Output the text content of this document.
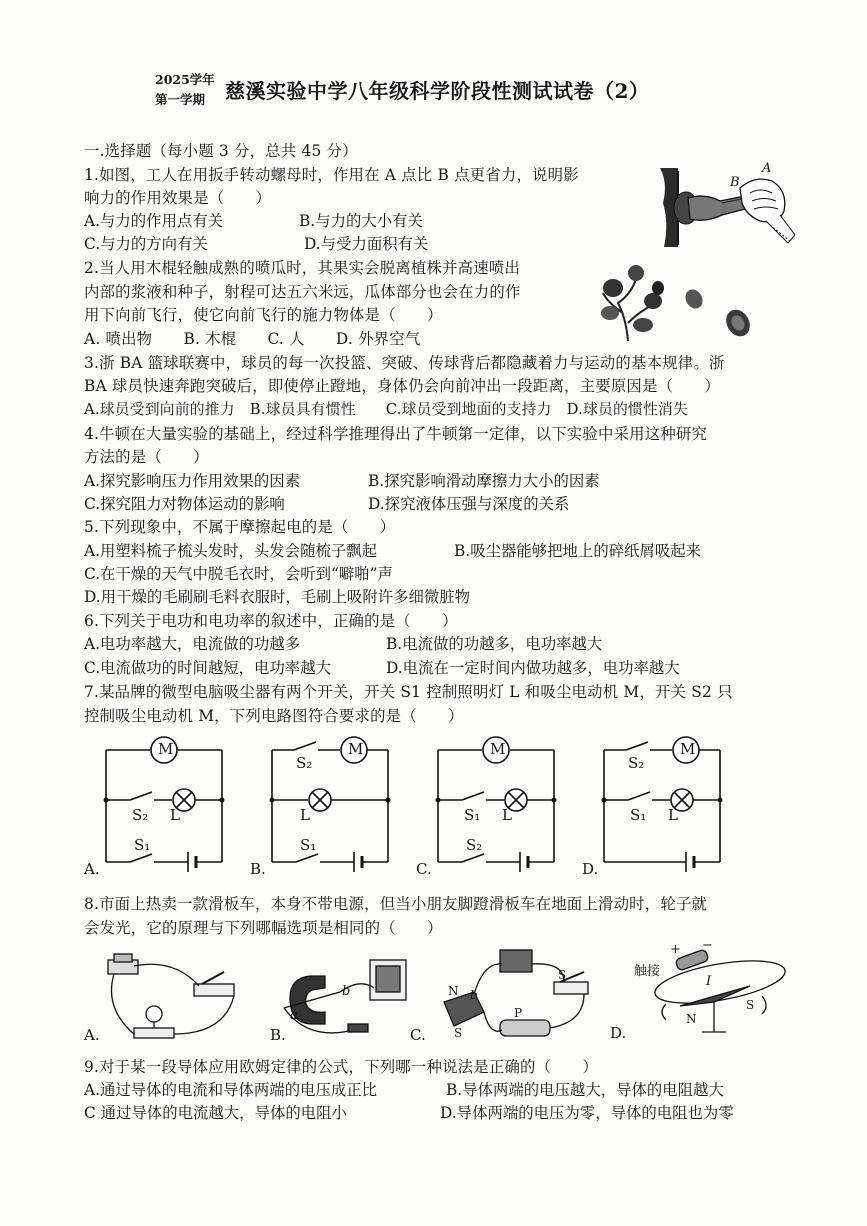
2025学年
第一学期 慈溪实验中学八年级科学阶段性测试试卷（2）
一.选择题（每小题 3 分，总共 45 分）
1.如图，工人在用扳手转动螺母时，作用在 A 点比 B 点更省力，说明影
响力的作用效果是（　　）
A.与力的作用点有关	B.与力的大小有关
C.与力的方向有关	D.与受力面积有关
B
A
2.当人用木棍轻触成熟的喷瓜时，其果实会脱离植株并高速喷出
内部的浆液和种子，射程可达五六米远，瓜体部分也会在力的作
用下向前飞行，使它向前飞行的施力物体是（　　）
A. 喷出物　　B. 木棍　　C. 人　　D. 外界空气
3.浙 BA 篮球联赛中，球员的每一次投篮、突破、传球背后都隐藏着力与运动的基本规律。浙
BA 球员快速奔跑突破后，即使停止蹬地，身体仍会向前冲出一段距离，主要原因是（　　）
A.球员受到向前的推力　B.球员具有惯性　　C.球员受到地面的支持力　D.球员的惯性消失
4.牛顿在大量实验的基础上，经过科学推理得出了牛顿第一定律，以下实验中采用这种研究
方法的是（　　）
A.探究影响压力作用效果的因素	B.探究影响滑动摩擦力大小的因素
C.探究阻力对物体运动的影响	D.探究液体压强与深度的关系
5.下列现象中，不属于摩擦起电的是（　　）
A.用塑料梳子梳头发时，头发会随梳子飘起	B.吸尘器能够把地上的碎纸屑吸起来
C.在干燥的天气中脱毛衣时，会听到“噼啪”声
D.用干燥的毛刷刷毛料衣服时，毛刷上吸附许多细微脏物
6.下列关于电功和电功率的叙述中，正确的是（　　）
A.电功率越大，电流做的功越多	B.电流做的功越多，电功率越大
C.电流做功的时间越短，电功率越大	D.电流在一定时间内做功越多，电功率越大
7.某品牌的微型电脑吸尘器有两个开关，开关 S1 控制照明灯 L 和吸尘电动机 M，开关 S2 只
控制吸尘电动机 M，下列电路图符合要求的是（　　）
M
S₂ L
S₁
A.
M
S₂
L
S₁
B.
M
S₁ L
S₂
C.
M
S₂
S₁ L
D.
8.市面上热卖一款滑板车，本身不带电源，但当小朋友脚蹬滑板车在地面上滑动时，轮子就
会发光，它的原理与下列哪幅选项是相同的（　　）
A.
a
b
B.
N b
S
S
P
C.
触接
+ −
I
N
S
D.
9.对于某一段导体应用欧姆定律的公式，下列哪一种说法是正确的（　　）
A.通过导体的电流和导体两端的电压成正比	B.导体两端的电压越大，导体的电阻越大
C 通过导体的电流越大，导体的电阻小	D.导体两端的电压为零，导体的电阻也为零
